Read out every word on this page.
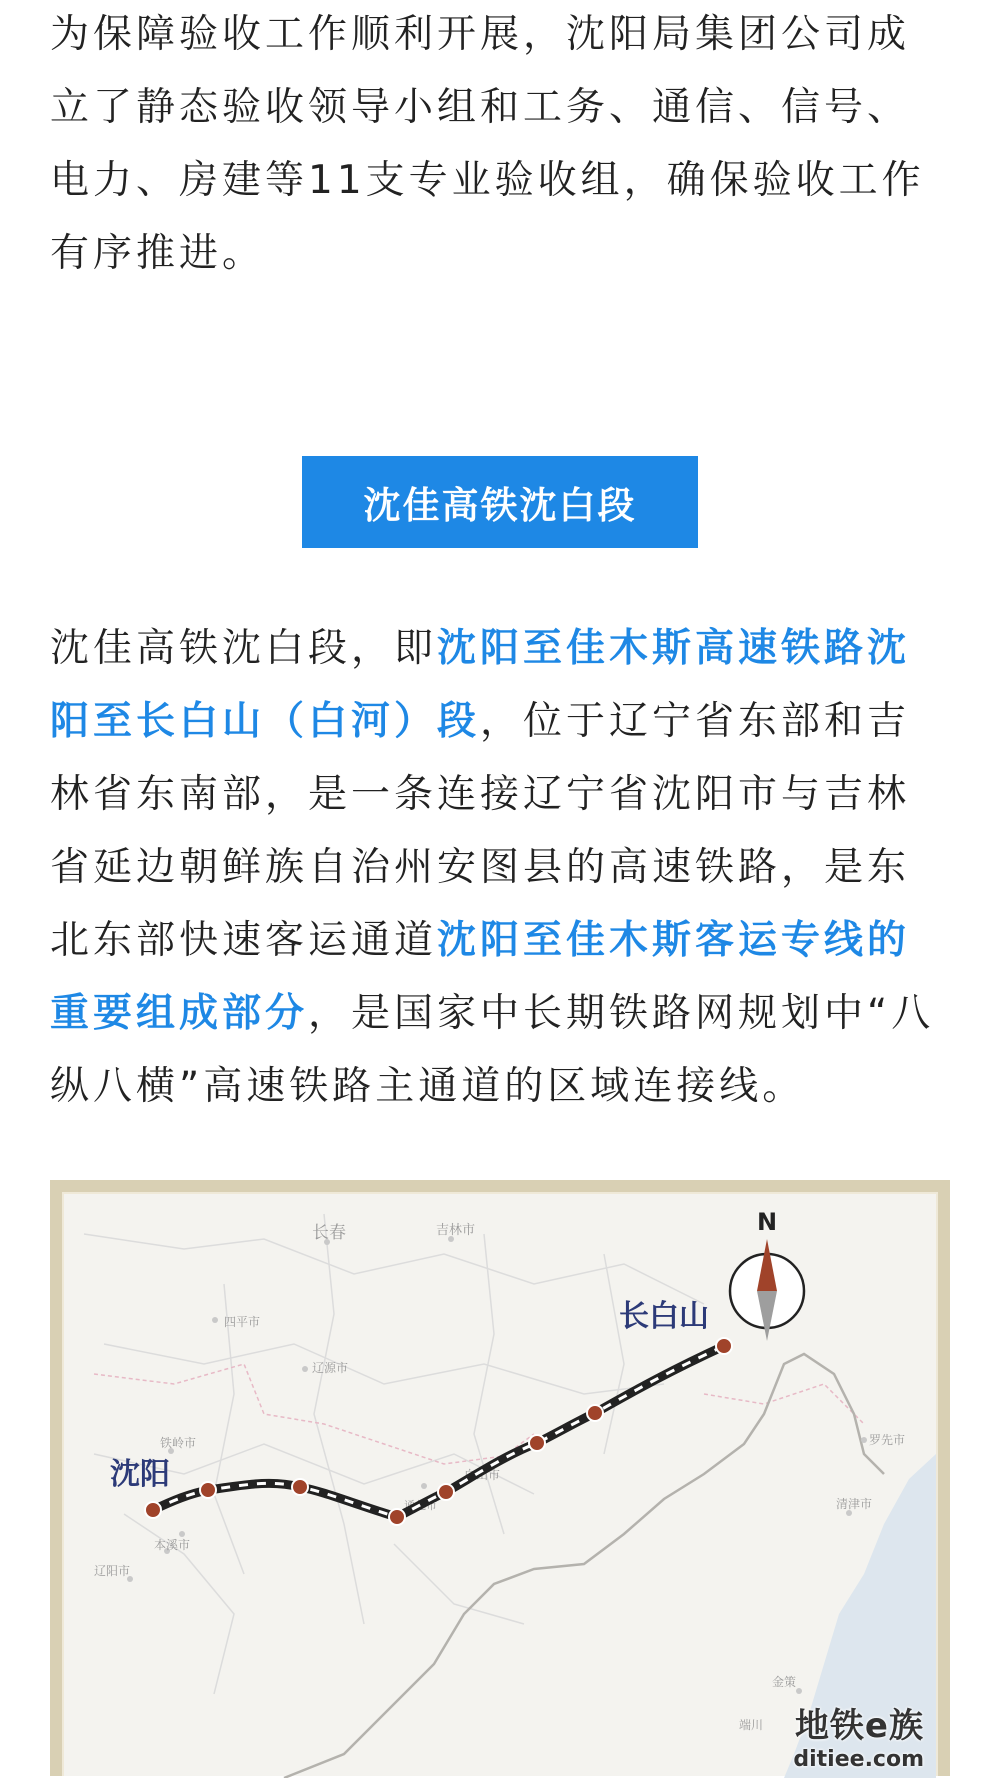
为保障验收工作顺利开展，沈阳局集团公司成立了静态验收领导小组和工务、通信、信号、电力、房建等11支专业验收组，确保验收工作有序推进。

沈佳高铁沈白段

沈佳高铁沈白段，即沈阳至佳木斯高速铁路沈阳至长白山（白河）段，位于辽宁省东部和吉林省东南部，是一条连接辽宁省沈阳市与吉林省延边朝鲜族自治州安图县的高速铁路，是东北东部快速客运通道沈阳至佳木斯客运专线的重要组成部分，是国家中长期铁路网规划中“八纵八横”高速铁路主通道的区域连接线。

长春	吉林市
四平市
辽源市
铁岭市
白山市
通化市
本溪市
辽阳市
罗先市
清津市
金策
端川
沈阳
长白山
N
地铁e族
ditiee.com
